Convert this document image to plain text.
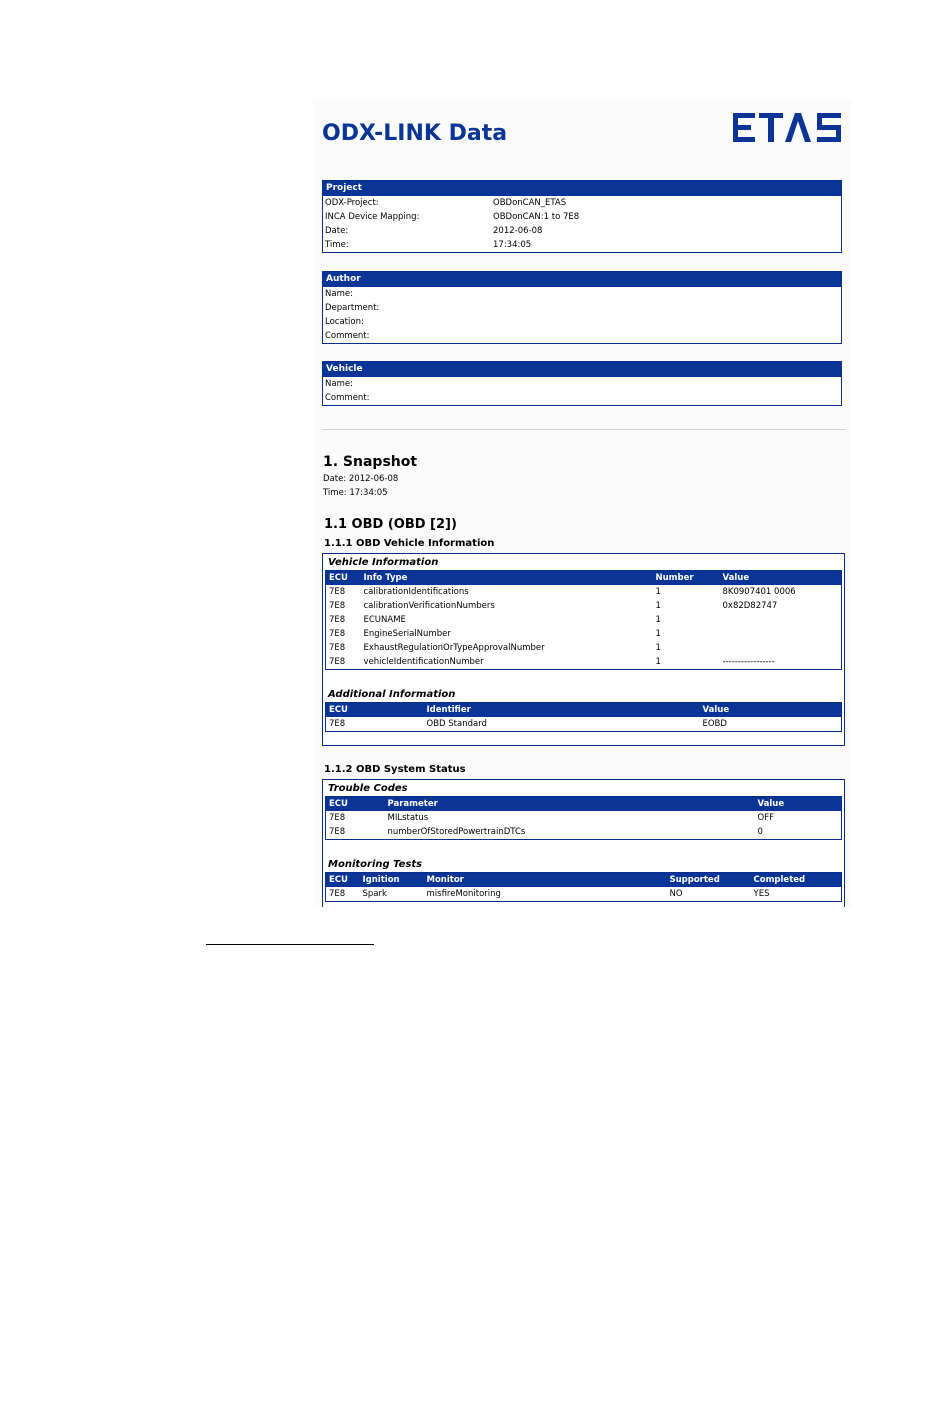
ODX-LINK Data
Project
ODX-Project:	OBDonCAN_ETAS
INCA Device Mapping:	OBDonCAN:1 to 7E8
Date:	2012-06-08
Time:	17:34:05
Author
Name:
Department:
Location:
Comment:
Vehicle
Name:
Comment:
1. Snapshot
Date: 2012-06-08
Time: 17:34:05
1.1 OBD (OBD [2])
1.1.1 OBD Vehicle Information
Vehicle Information
ECU	Info Type	Number	Value
7E8	calibrationIdentifications	1	8K0907401 0006
7E8	calibrationVerificationNumbers	1	0x82D82747
7E8	ECUNAME	1	
7E8	EngineSerialNumber	1	
7E8	ExhaustRegulationOrTypeApprovalNumber	1	
7E8	vehicleIdentificationNumber	1	-----------------
Additional Information
ECU	Identifier	Value
7E8	OBD Standard	EOBD
1.1.2 OBD System Status
Trouble Codes
ECU	Parameter	Value
7E8	MILstatus	OFF
7E8	numberOfStoredPowertrainDTCs	0
Monitoring Tests
ECU	Ignition	Monitor	Supported	Completed
7E8	Spark	misfireMonitoring	NO	YES
